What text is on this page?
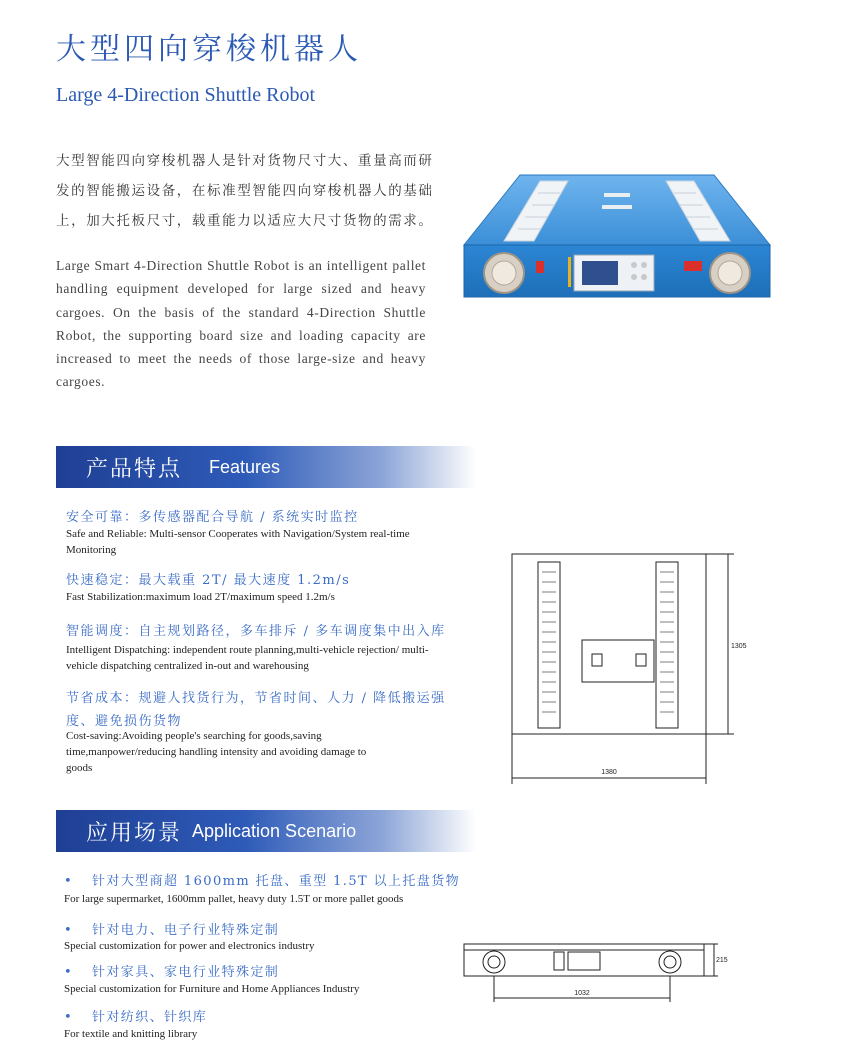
大型四向穿梭机器人
Large 4-Direction Shuttle Robot
大型智能四向穿梭机器人是针对货物尺寸大、重量高而研发的智能搬运设备，在标准型智能四向穿梭机器人的基础上，加大托板尺寸，载重能力以适应大尺寸货物的需求。
Large Smart 4-Direction Shuttle Robot is an intelligent pallet handling equipment developed for large sized and heavy cargoes. On the basis of the standard 4-Direction Shuttle Robot, the supporting board size and loading capacity are increased to meet the needs of those large-size and heavy cargoes.
产品特点 Features
安全可靠：多传感器配合导航 / 系统实时监控
Safe and Reliable: Multi-sensor Cooperates with Navigation/System real-time Monitoring
快速稳定：最大载重 2T/ 最大速度 1.2m/s
Fast Stabilization:maximum load 2T/maximum speed 1.2m/s
智能调度：自主规划路径，多车排斥 / 多车调度集中出入库
Intelligent Dispatching: independent route planning,multi-vehicle rejection/ multi-vehicle dispatching centralized in-out and warehousing
节省成本：规避人找货行为，节省时间、人力 / 降低搬运强度、避免损伤货物
Cost-saving:Avoiding people's searching for goods,saving time,manpower/reducing handling intensity and avoiding damage to goods	1380
1305
应用场景 Application Scenario
• 针对大型商超 1600mm 托盘、重型 1.5T 以上托盘货物
For large supermarket, 1600mm pallet, heavy duty 1.5T or more pallet goods
• 针对电力、电子行业特殊定制
Special customization for power and electronics industry
• 针对家具、家电行业特殊定制
Special customization for Furniture and Home Appliances Industry
• 针对纺织、针织库
For textile and knitting library
1032
215
